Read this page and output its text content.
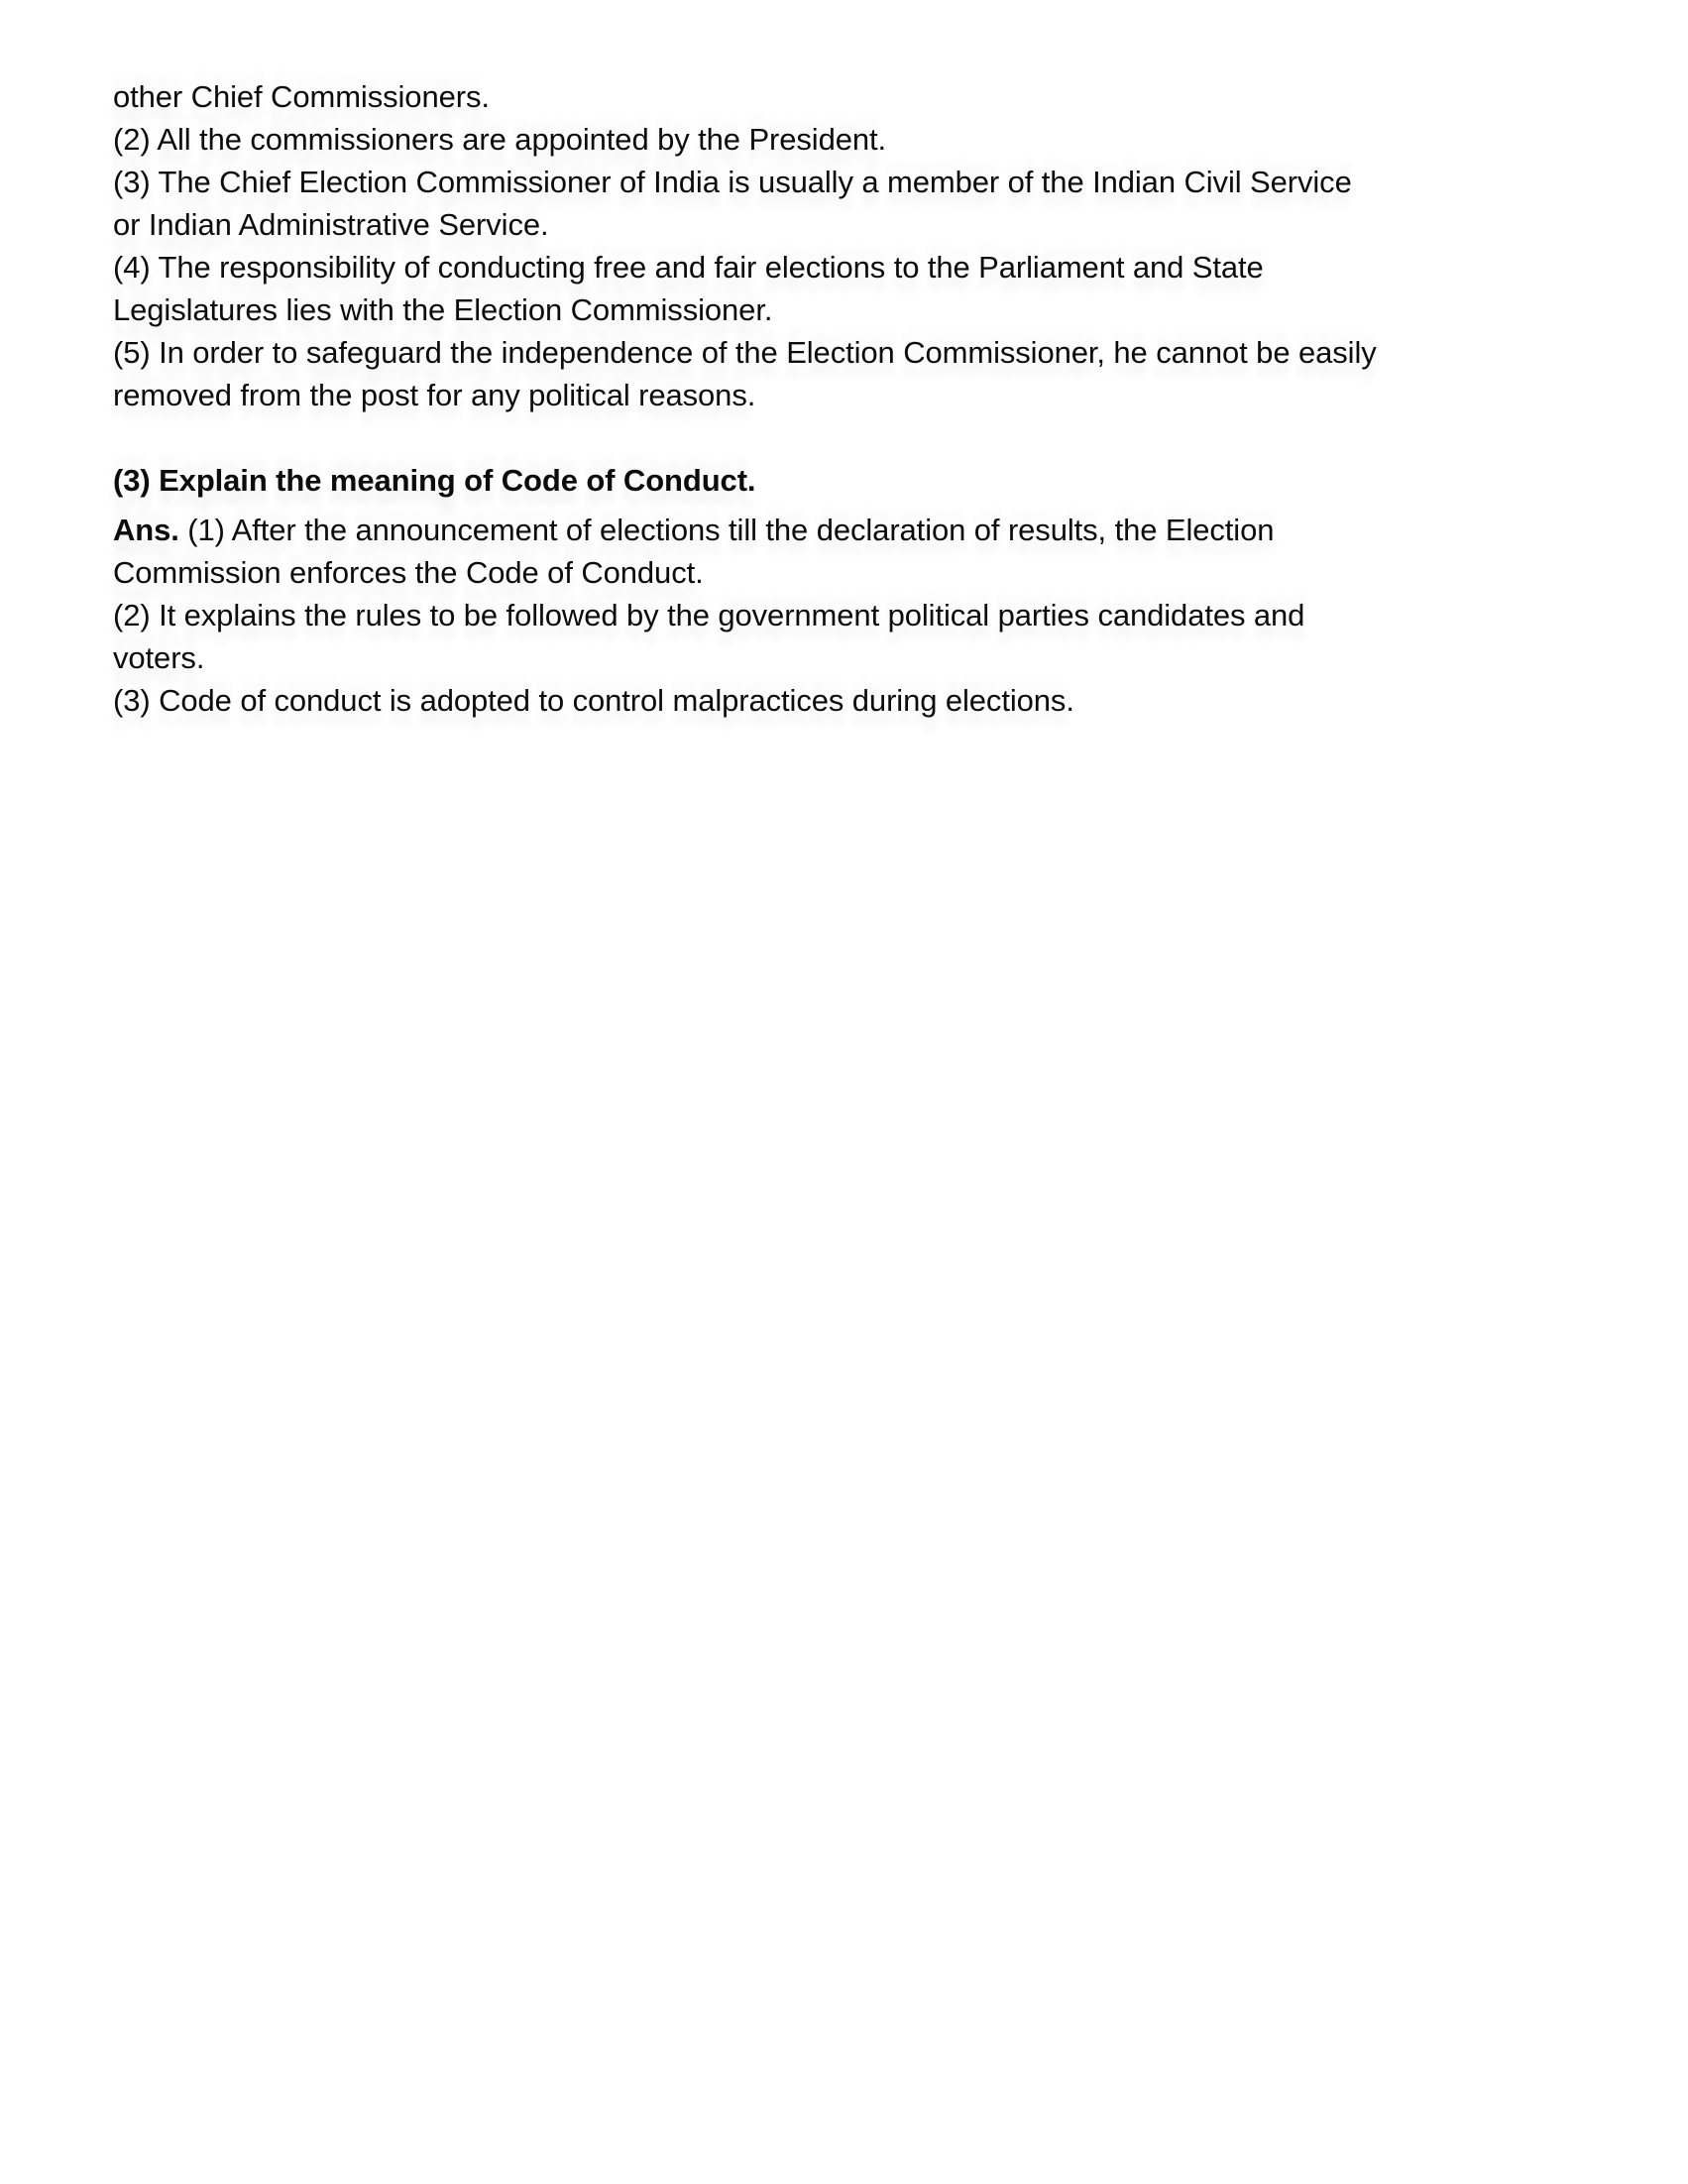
other Chief Commissioners.
(2) All the commissioners are appointed by the President.
(3) The Chief Election Commissioner of India is usually a member of the Indian Civil Service
or Indian Administrative Service.
(4) The responsibility of conducting free and fair elections to the Parliament and State
Legislatures lies with the Election Commissioner.
(5) In order to safeguard the independence of the Election Commissioner, he cannot be easily
removed from the post for any political reasons.
(3) Explain the meaning of Code of Conduct.
Ans. (1) After the announcement of elections till the declaration of results, the Election
Commission enforces the Code of Conduct.
(2) It explains the rules to be followed by the government political parties candidates and
voters.
(3) Code of conduct is adopted to control malpractices during elections.
